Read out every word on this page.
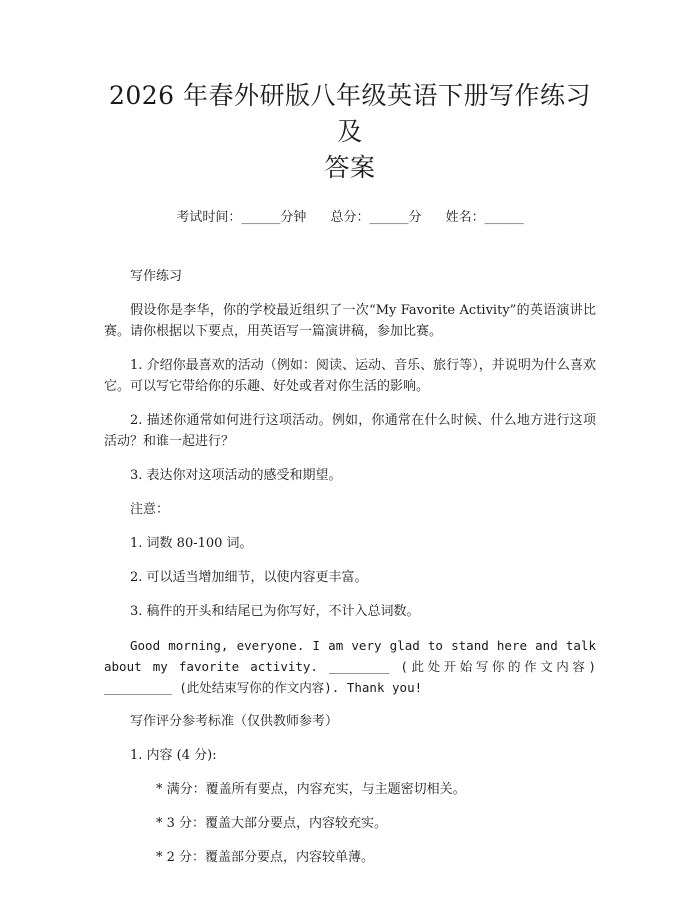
2026 年春外研版八年级英语下册写作练习及
答案
考试时间：______分钟 总分：______分 姓名：______

写作练习

假设你是李华，你的学校最近组织了一次“My Favorite Activity”的英语演讲比赛。请你根据以下要点，用英语写一篇演讲稿，参加比赛。

1. 介绍你最喜欢的活动（例如：阅读、运动、音乐、旅行等），并说明为什么喜欢它。可以写它带给你的乐趣、好处或者对你生活的影响。

2. 描述你通常如何进行这项活动。例如，你通常在什么时候、什么地方进行这项活动？和谁一起进行？

3. 表达你对这项活动的感受和期望。

注意：

1. 词数 80-100 词。

2. 可以适当增加细节，以使内容更丰富。

3. 稿件的开头和结尾已为你写好，不计入总词数。

Good morning, everyone. I am very glad to stand here and talk about my favorite activity. ________ (此处开始写你的作文内容) _________ (此处结束写你的作文内容). Thank you!

写作评分参考标准（仅供教师参考）

1. 内容 (4 分):

* 满分：覆盖所有要点，内容充实，与主题密切相关。

* 3 分：覆盖大部分要点，内容较充实。

* 2 分：覆盖部分要点，内容较单薄。
